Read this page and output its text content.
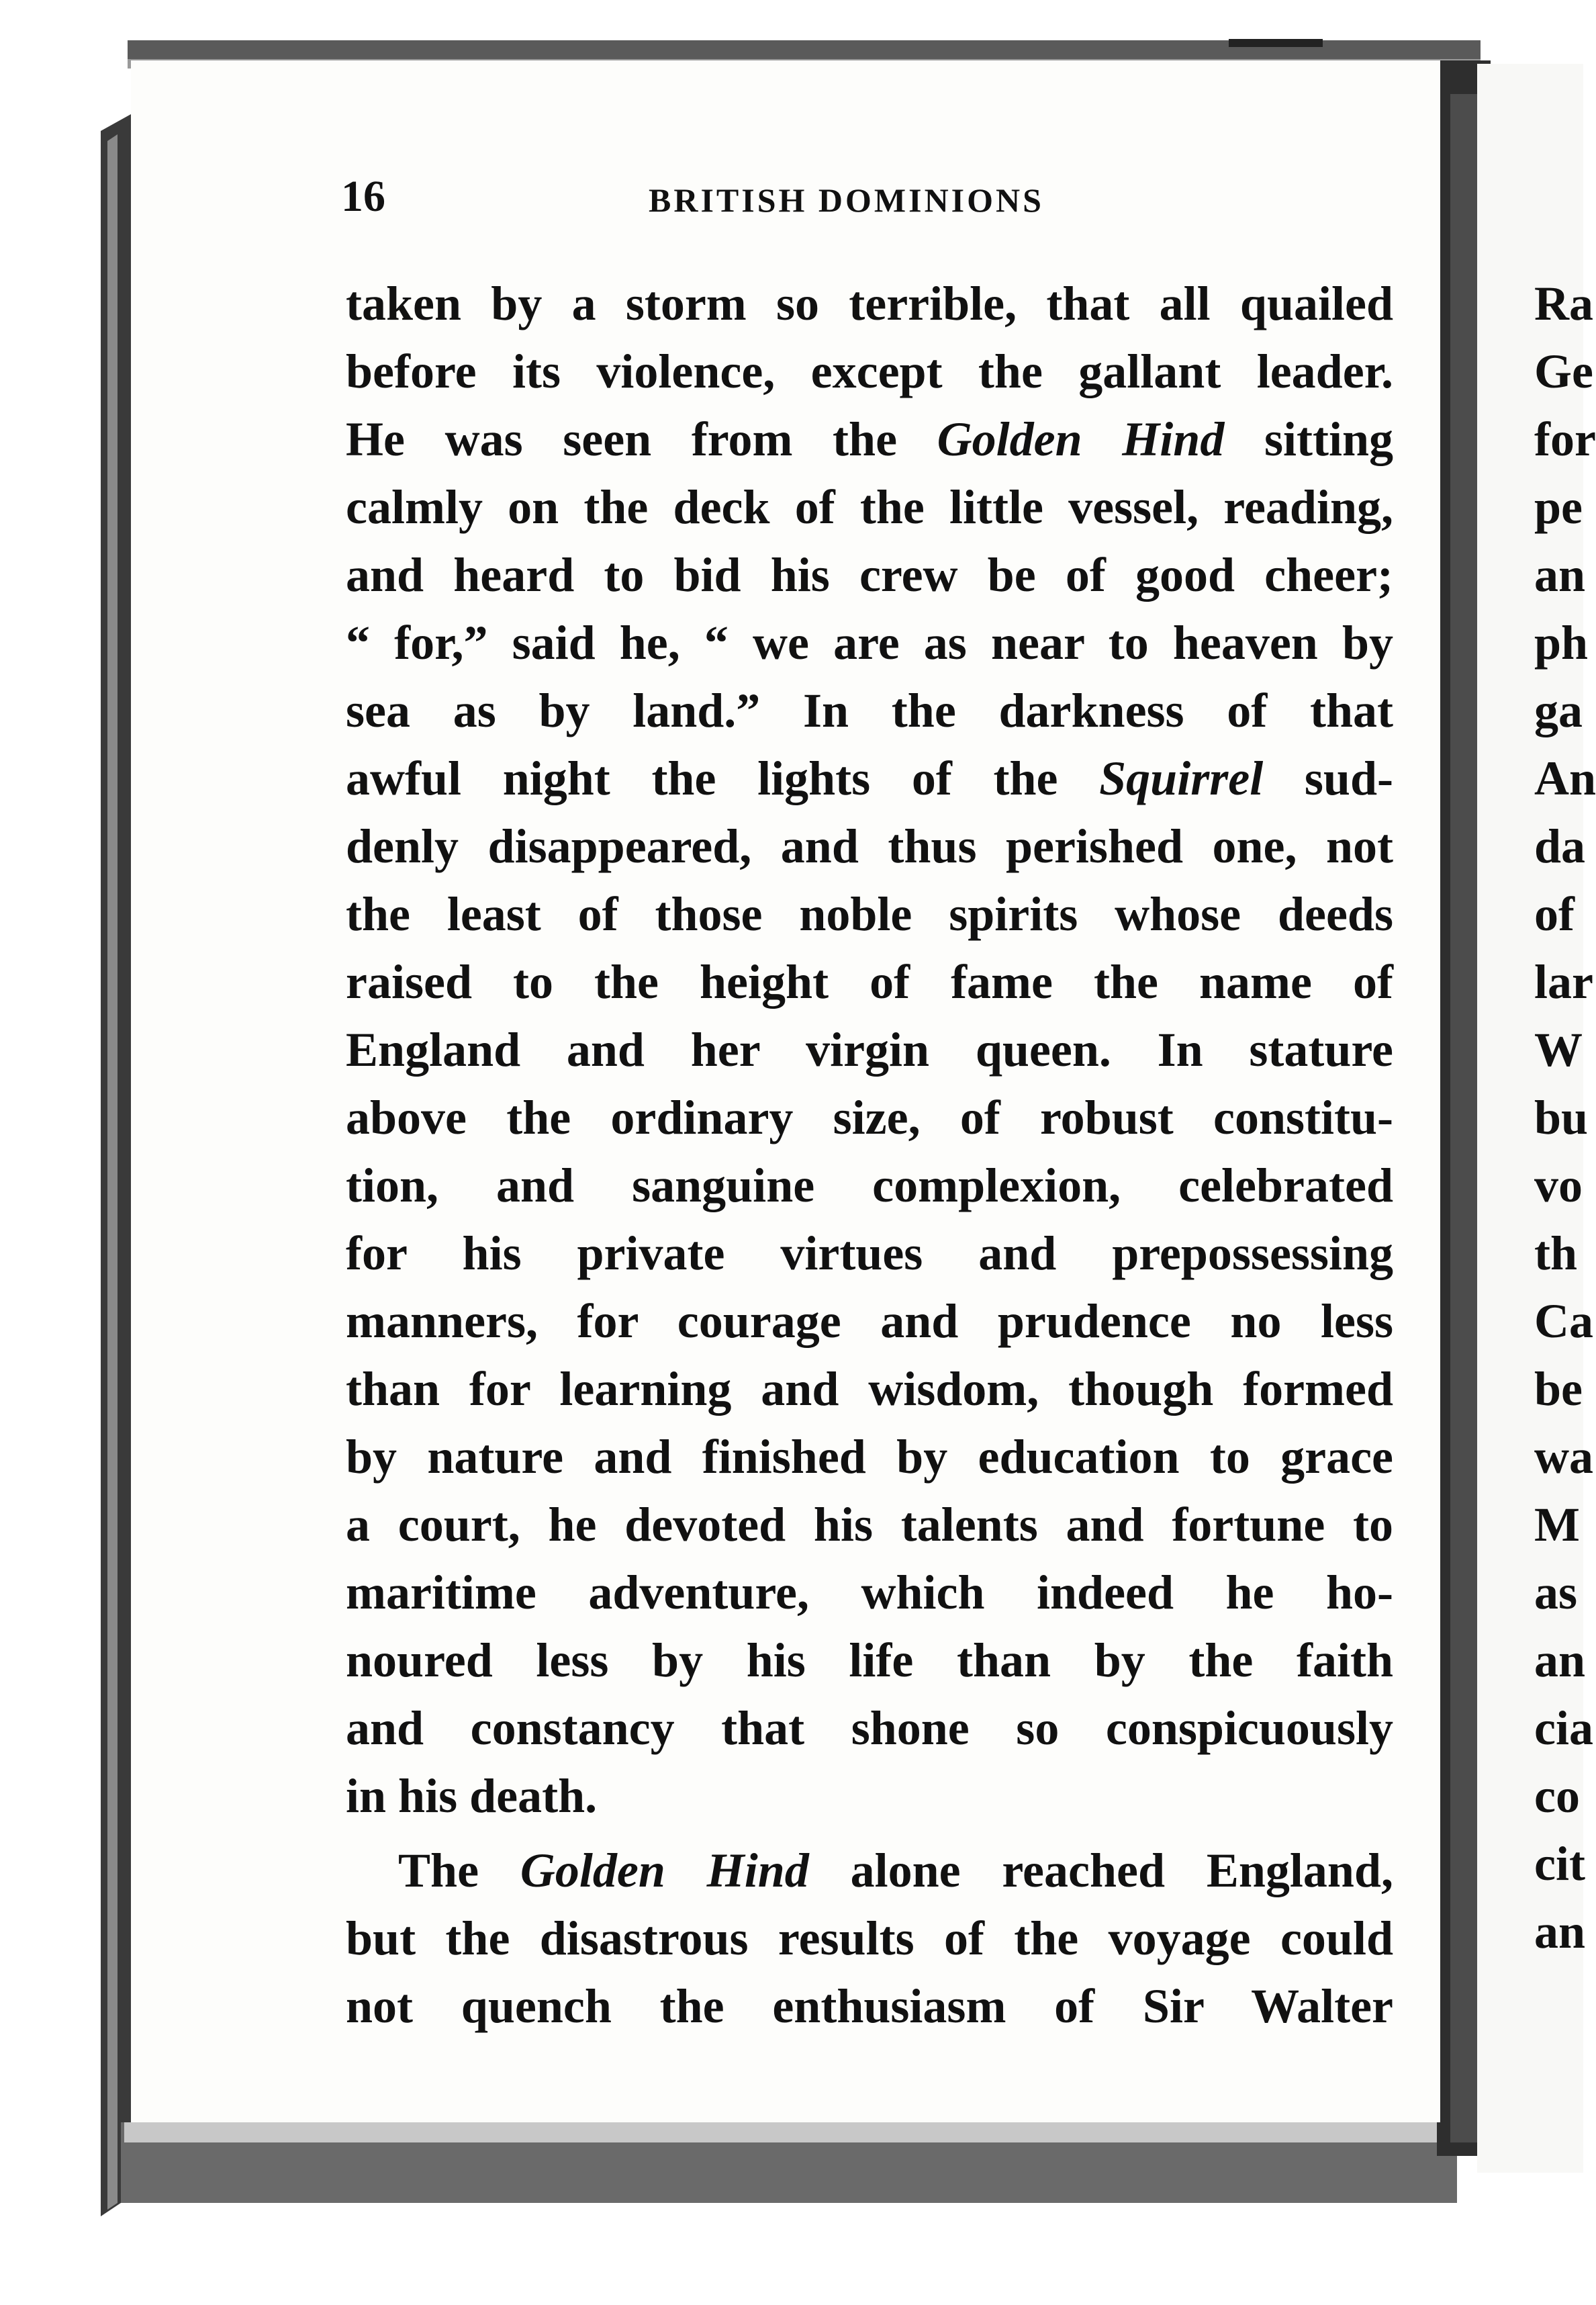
16	BRITISH DOMINIONS
taken by a storm so terrible, that all quailed
before its violence, except the gallant leader.
He was seen from the Golden Hind sitting
calmly on the deck of the little vessel, reading,
and heard to bid his crew be of good cheer;
“ for,” said he, “ we are as near to heaven by
sea as by land.” In the darkness of that
awful night the lights of the Squirrel sud-
denly disappeared, and thus perished one, not
the least of those noble spirits whose deeds
raised to the height of fame the name of
England and her virgin queen. In stature
above the ordinary size, of robust constitu-
tion, and sanguine complexion, celebrated
for his private virtues and prepossessing
manners, for courage and prudence no less
than for learning and wisdom, though formed
by nature and finished by education to grace
a court, he devoted his talents and fortune to
maritime adventure, which indeed he ho-
noured less by his life than by the faith
and constancy that shone so conspicuously
in his death.
The Golden Hind alone reached England,
but the disastrous results of the voyage could
not quench the enthusiasm of Sir Walter
Ra
Ge
for
pe
an
ph
ga
An
da
of
lar
W
bu
vo
th
Ca
be
wa
M
as
an
cia
co
cit
an
